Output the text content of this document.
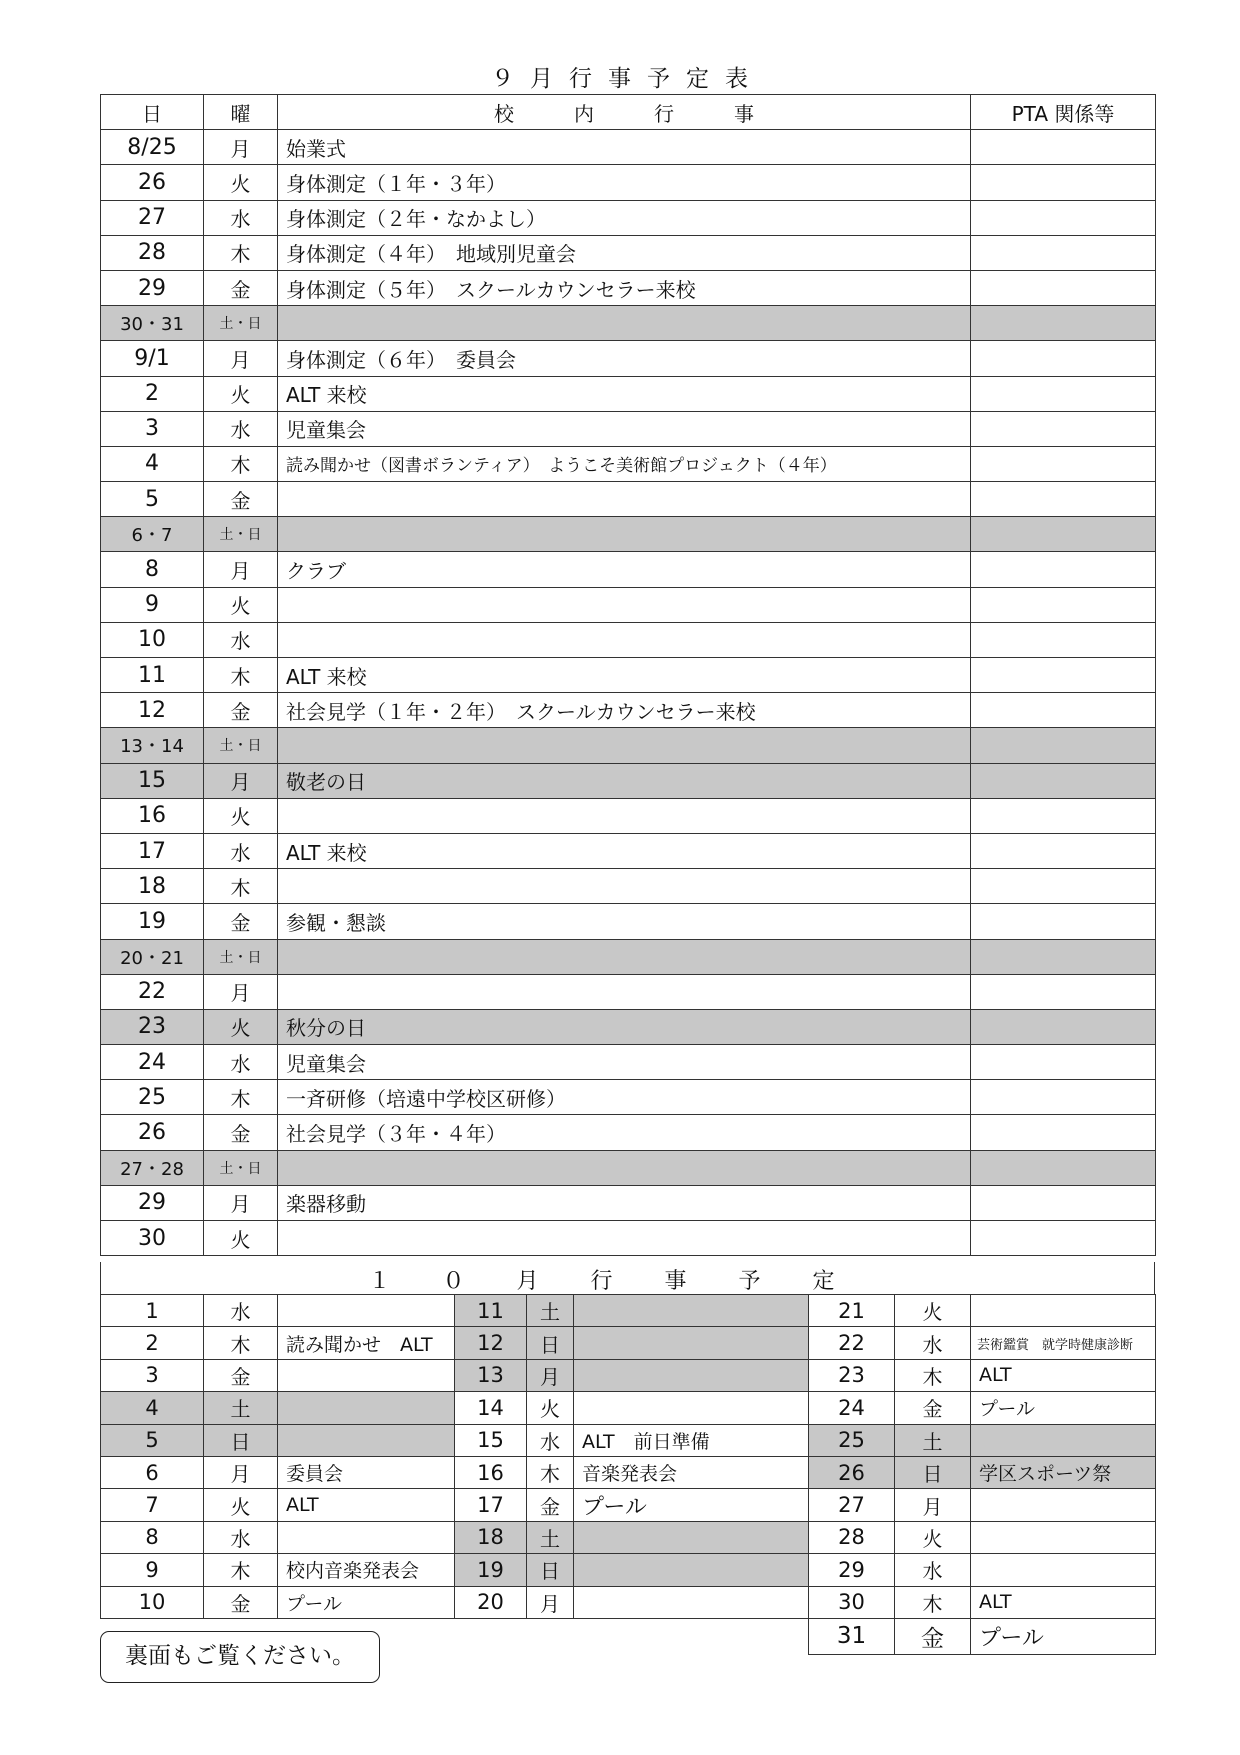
９月行事予定表
日	曜	校内行事	PTA 関係等
8/25	月	始業式	
26	火	身体測定（１年・３年）	
27	水	身体測定（２年・なかよし）	
28	木	身体測定（４年）　地域別児童会	
29	金	身体測定（５年）　スクールカウンセラー来校	
30・31	土・日		
9/1	月	身体測定（６年）　委員会	
2	火	ALT 来校	
3	水	児童集会	
4	木	読み聞かせ（図書ボランティア）　ようこそ美術館プロジェクト（４年）	
5	金		
6・7	土・日		
8	月	クラブ	
9	火		
10	水		
11	木	ALT 来校	
12	金	社会見学（１年・２年）　スクールカウンセラー来校	
13・14	土・日		
15	月	敬老の日	
16	火		
17	水	ALT 来校	
18	木		
19	金	参観・懇談	
20・21	土・日		
22	月		
23	火	秋分の日	
24	水	児童集会	
25	木	一斉研修（培遠中学校区研修）	
26	金	社会見学（３年・４年）	
27・28	土・日		
29	月	楽器移動	
30	火		
１０月行事予定
1	水	
2	木	読み聞かせ　ALT
3	金	
4	土	
5	日	
6	月	委員会
7	火	ALT
8	水	
9	木	校内音楽発表会
10	金	プール
11	土	
12	日	
13	月	
14	火	
15	水	ALT　前日準備
16	木	音楽発表会
17	金	プール
18	土	
19	日	
20	月	
21	火	
22	水	芸術鑑賞　就学時健康診断
23	木	ALT
24	金	プール
25	土	
26	日	学区スポーツ祭
27	月	
28	火	
29	水	
30	木	ALT
31	金	プール
裏面もご覧ください。
